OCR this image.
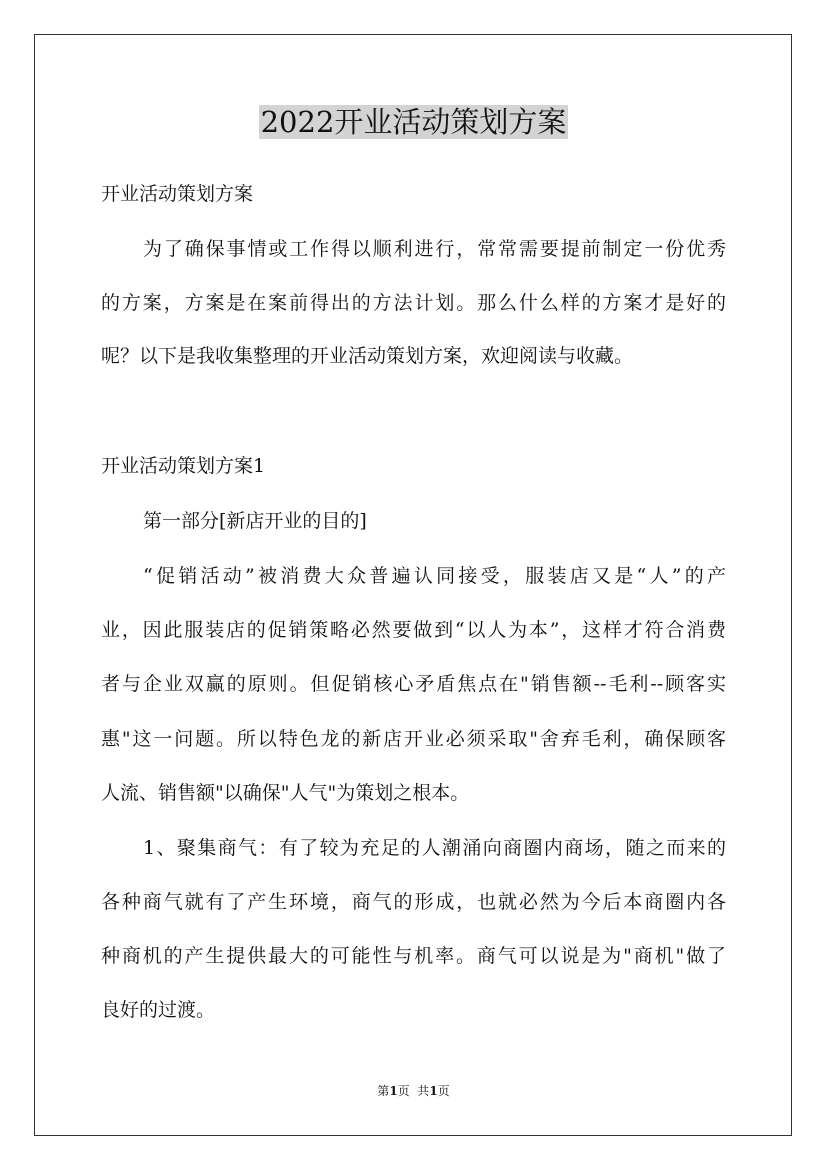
2022开业活动策划方案

开业活动策划方案

为了确保事情或工作得以顺利进行，常常需要提前制定一份优秀

的方案，方案是在案前得出的方法计划。那么什么样的方案才是好的

呢？以下是我收集整理的开业活动策划方案，欢迎阅读与收藏。

开业活动策划方案1

第一部分[新店开业的目的]

“促销活动”被消费大众普遍认同接受，服装店又是“人”的产

业，因此服装店的促销策略必然要做到“以人为本”，这样才符合消费

者与企业双赢的原则。但促销核心矛盾焦点在"销售额--毛利--顾客实

惠"这一问题。所以特色龙的新店开业必须采取"舍弃毛利，确保顾客

人流、销售额"以确保"人气"为策划之根本。

1、聚集商气：有了较为充足的人潮涌向商圈内商场，随之而来的

各种商气就有了产生环境，商气的形成，也就必然为今后本商圈内各

种商机的产生提供最大的可能性与机率。商气可以说是为"商机"做了

良好的过渡。

第1页  共1页
